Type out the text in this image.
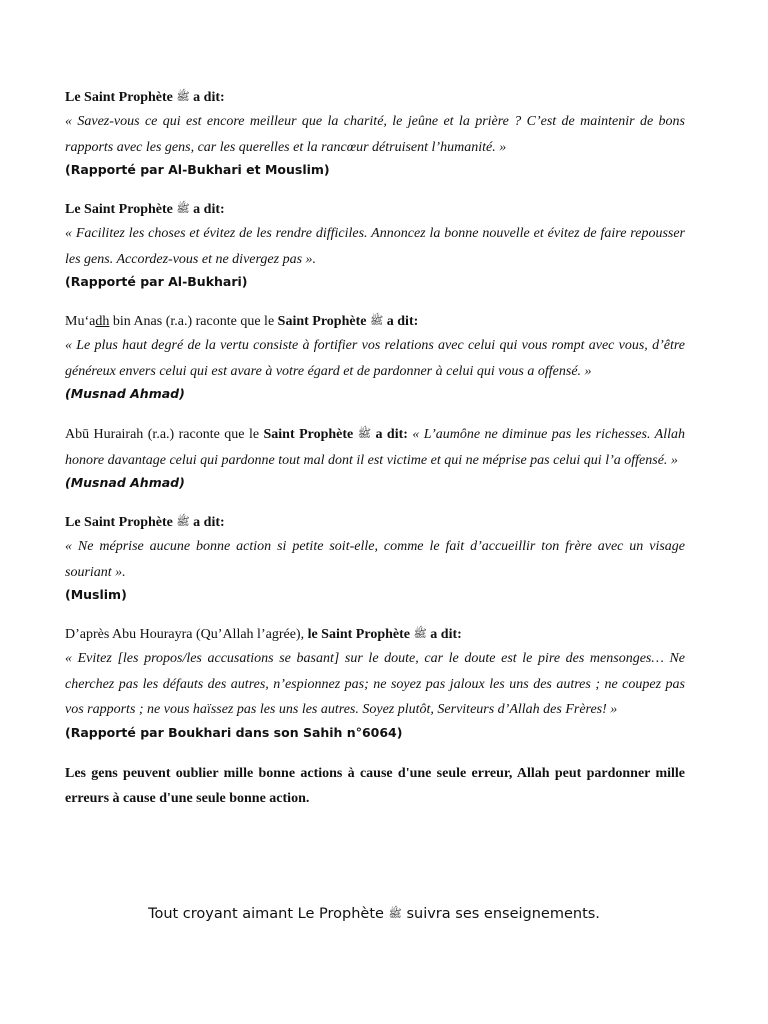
Le Saint Prophète ﷺ a dit:

« Savez-vous ce qui est encore meilleur que la charité, le jeûne et la prière ? C’est de maintenir de bons rapports avec les gens, car les querelles et la rancœur détruisent l’humanité. »

(Rapporté par Al-Bukhari et Mouslim)

Le Saint Prophète ﷺ a dit:

« Facilitez les choses et évitez de les rendre difficiles. Annoncez la bonne nouvelle et évitez de faire repousser les gens. Accordez-vous et ne divergez pas ».

(Rapporté par Al-Bukhari)

Mu‘adh bin Anas (r.a.) raconte que le Saint Prophète ﷺ a dit:

« Le plus haut degré de la vertu consiste à fortifier vos relations avec celui qui vous rompt avec vous, d’être généreux envers celui qui est avare à votre égard et de pardonner à celui qui vous a offensé. »

(Musnad Ahmad)

Abū Hurairah (r.a.) raconte que le Saint Prophète ﷺ a dit: « L’aumône ne diminue pas les richesses. Allah honore davantage celui qui pardonne tout mal dont il est victime et qui ne méprise pas celui qui l’a offensé. »

(Musnad Ahmad)

Le Saint Prophète ﷺ a dit:

« Ne méprise aucune bonne action si petite soit-elle, comme le fait d’accueillir ton frère avec un visage souriant ».

(Muslim)

D’après Abu Hourayra (Qu’Allah l’agrée), le Saint Prophète ﷺ a dit:

« Evitez [les propos/les accusations se basant] sur le doute, car le doute est le pire des mensonges… Ne cherchez pas les défauts des autres, n’espionnez pas; ne soyez pas jaloux les uns des autres ; ne coupez pas vos rapports ; ne vous haïssez pas les uns les autres. Soyez plutôt, Serviteurs d’Allah des Frères! »

(Rapporté par Boukhari dans son Sahih n°6064)

Les gens peuvent oublier mille bonne actions à cause d'une seule erreur, Allah peut pardonner mille erreurs à cause d'une seule bonne action.

Tout croyant aimant Le Prophète ﷺ suivra ses enseignements.
